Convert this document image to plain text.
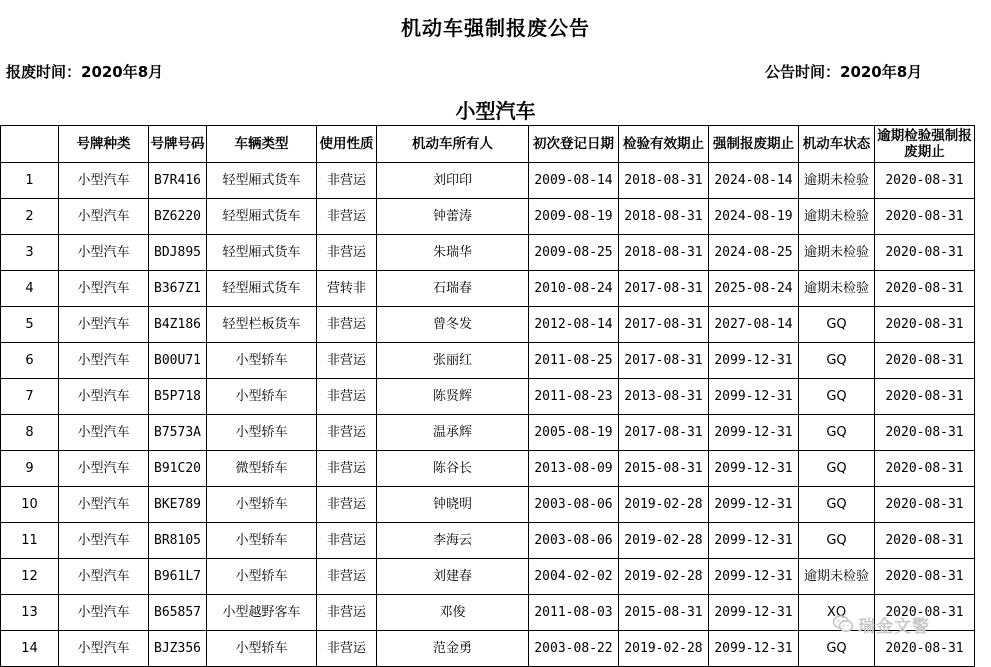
机动车强制报废公告
报废时间：2020年8月	公告时间：2020年8月
小型汽车
	号牌种类	号牌号码	车辆类型	使用性质	机动车所有人	初次登记日期	检验有效期止	强制报废期止	机动车状态	逾期检验强制报废期止
1	小型汽车	B7R416	轻型厢式货车	非营运	刘印印	2009-08-14	2018-08-31	2024-08-14	逾期未检验	2020-08-31
2	小型汽车	BZ6220	轻型厢式货车	非营运	钟蕾涛	2009-08-19	2018-08-31	2024-08-19	逾期未检验	2020-08-31
3	小型汽车	BDJ895	轻型厢式货车	非营运	朱瑞华	2009-08-25	2018-08-31	2024-08-25	逾期未检验	2020-08-31
4	小型汽车	B367Z1	轻型厢式货车	营转非	石瑞春	2010-08-24	2017-08-31	2025-08-24	逾期未检验	2020-08-31
5	小型汽车	B4Z186	轻型栏板货车	非营运	曾冬发	2012-08-14	2017-08-31	2027-08-14	GQ	2020-08-31
6	小型汽车	B00U71	小型轿车	非营运	张丽红	2011-08-25	2017-08-31	2099-12-31	GQ	2020-08-31
7	小型汽车	B5P718	小型轿车	非营运	陈贤辉	2011-08-23	2013-08-31	2099-12-31	GQ	2020-08-31
8	小型汽车	B7573A	小型轿车	非营运	温承辉	2005-08-19	2017-08-31	2099-12-31	GQ	2020-08-31
9	小型汽车	B91C20	微型轿车	非营运	陈谷长	2013-08-09	2015-08-31	2099-12-31	GQ	2020-08-31
10	小型汽车	BKE789	小型轿车	非营运	钟晓明	2003-08-06	2019-02-28	2099-12-31	GQ	2020-08-31
11	小型汽车	BR8105	小型轿车	非营运	李海云	2003-08-06	2019-02-28	2099-12-31	GQ	2020-08-31
12	小型汽车	B961L7	小型轿车	非营运	刘建春	2004-02-02	2019-02-28	2099-12-31	逾期未检验	2020-08-31
13	小型汽车	B65857	小型越野客车	非营运	邓俊	2011-08-03	2015-08-31	2099-12-31	XQ	2020-08-31
14	小型汽车	BJZ356	小型轿车	非营运	范金勇	2003-08-22	2019-02-28	2099-12-31	GQ	2020-08-31
瑞金文警
